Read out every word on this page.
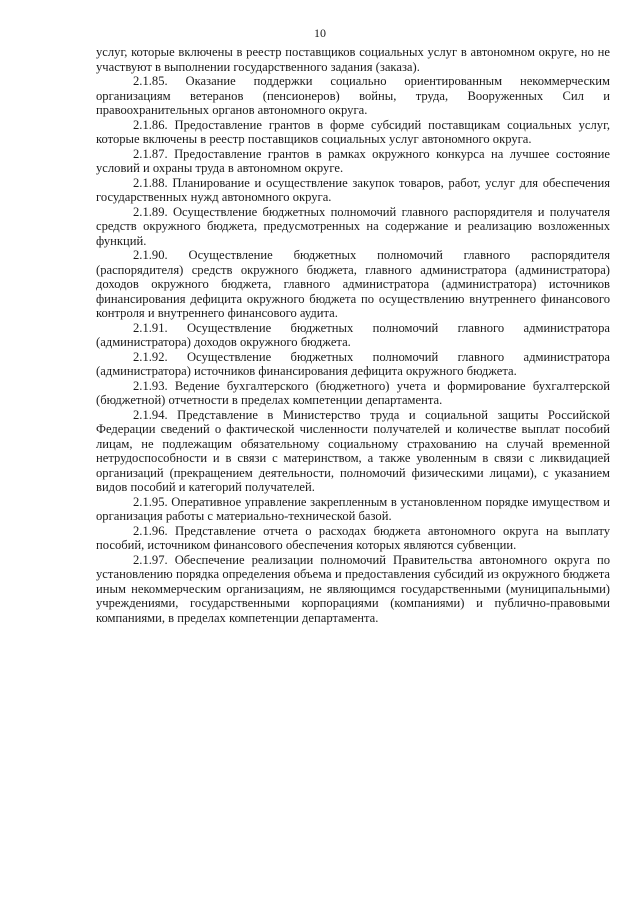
10

услуг, которые включены в реестр поставщиков социальных услуг в автономном округе, но не участвуют в выполнении государственного задания (заказа).

2.1.85. Оказание поддержки социально ориентированным некоммерческим организациям ветеранов (пенсионеров) войны, труда, Вооруженных Сил и правоохранительных органов автономного округа.

2.1.86. Предоставление грантов в форме субсидий поставщикам социальных услуг, которые включены в реестр поставщиков социальных услуг автономного округа.

2.1.87. Предоставление грантов в рамках окружного конкурса на лучшее состояние условий и охраны труда в автономном округе.

2.1.88. Планирование и осуществление закупок товаров, работ, услуг для обеспечения государственных нужд автономного округа.

2.1.89. Осуществление бюджетных полномочий главного распорядителя и получателя средств окружного бюджета, предусмотренных на содержание и реализацию возложенных функций.

2.1.90. Осуществление бюджетных полномочий главного распорядителя (распорядителя) средств окружного бюджета, главного администратора (администратора) доходов окружного бюджета, главного администратора (администратора) источников финансирования дефицита окружного бюджета по осуществлению внутреннего финансового контроля и внутреннего финансового аудита.

2.1.91. Осуществление бюджетных полномочий главного администратора (администратора) доходов окружного бюджета.

2.1.92. Осуществление бюджетных полномочий главного администратора (администратора) источников финансирования дефицита окружного бюджета.

2.1.93. Ведение бухгалтерского (бюджетного) учета и формирование бухгалтерской (бюджетной) отчетности в пределах компетенции департамента.

2.1.94. Представление в Министерство труда и социальной защиты Российской Федерации сведений о фактической численности получателей и количестве выплат пособий лицам, не подлежащим обязательному социальному страхованию на случай временной нетрудоспособности и в связи с материнством, а также уволенным в связи с ликвидацией организаций (прекращением деятельности, полномочий физическими лицами), с указанием видов пособий и категорий получателей.

2.1.95. Оперативное управление закрепленным в установленном порядке имуществом и организация работы с материально-технической базой.

2.1.96. Представление отчета о расходах бюджета автономного округа на выплату пособий, источником финансового обеспечения которых являются субвенции.

2.1.97. Обеспечение реализации полномочий Правительства автономного округа по установлению порядка определения объема и предоставления субсидий из окружного бюджета иным некоммерческим организациям, не являющимся государственными (муниципальными) учреждениями, государственными корпорациями (компаниями) и публично-правовыми компаниями, в пределах компетенции департамента.
